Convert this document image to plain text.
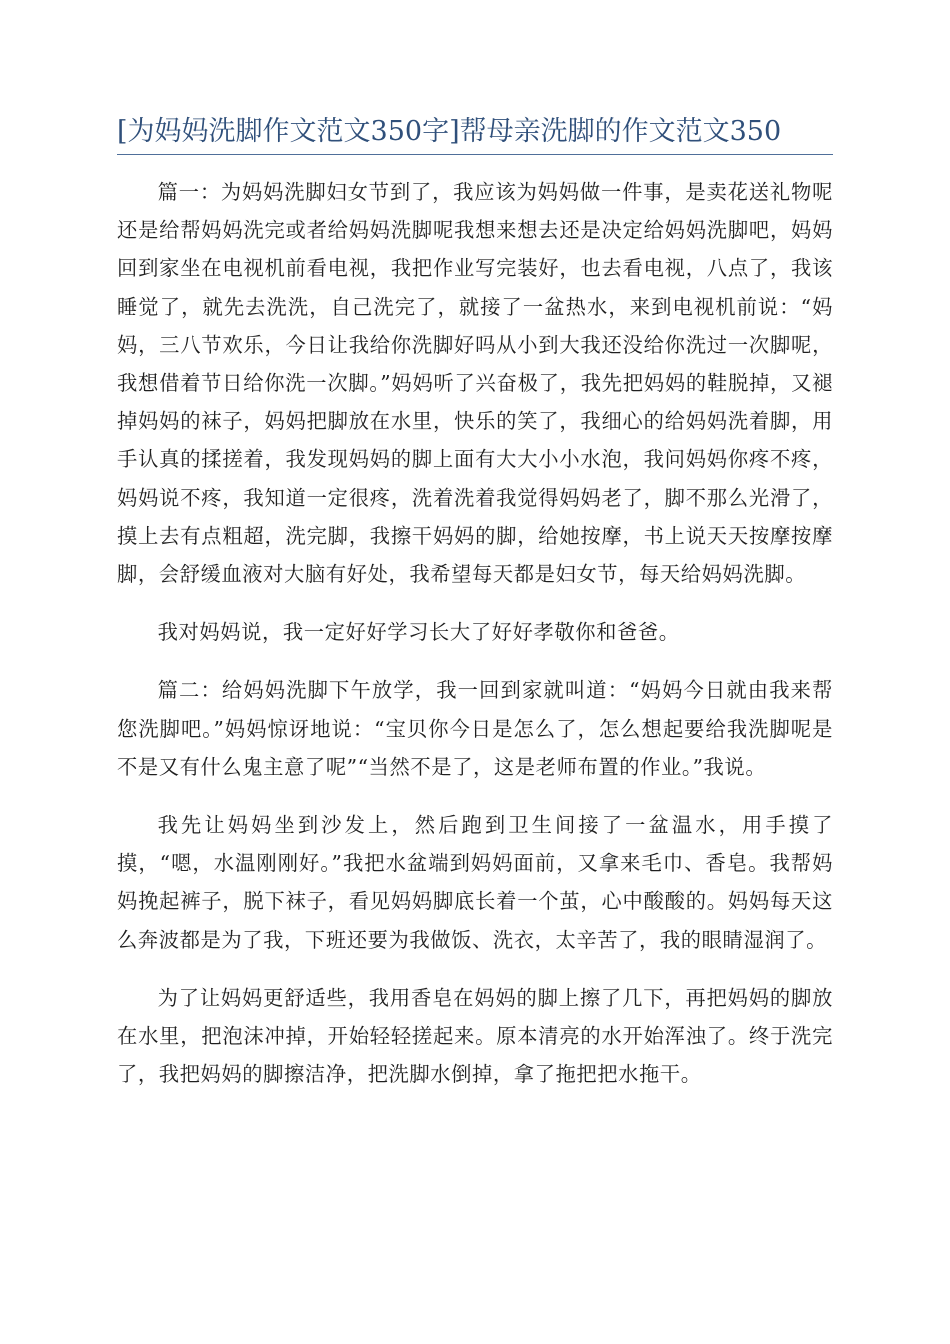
[为妈妈洗脚作文范文350字]帮母亲洗脚的作文范文350

篇一：为妈妈洗脚妇女节到了，我应该为妈妈做一件事，是卖花送礼物呢还是给帮妈妈洗完或者给妈妈洗脚呢我想来想去还是决定给妈妈洗脚吧，妈妈回到家坐在电视机前看电视，我把作业写完装好，也去看电视，八点了，我该睡觉了，就先去洗洗，自己洗完了，就接了一盆热水，来到电视机前说：“妈妈，三八节欢乐，今日让我给你洗脚好吗从小到大我还没给你洗过一次脚呢，我想借着节日给你洗一次脚。”妈妈听了兴奋极了，我先把妈妈的鞋脱掉，又褪掉妈妈的袜子，妈妈把脚放在水里，快乐的笑了，我细心的给妈妈洗着脚，用手认真的揉搓着，我发现妈妈的脚上面有大大小小水泡，我问妈妈你疼不疼，妈妈说不疼，我知道一定很疼，洗着洗着我觉得妈妈老了，脚不那么光滑了，摸上去有点粗超，洗完脚，我擦干妈妈的脚，给她按摩，书上说天天按摩按摩脚，会舒缓血液对大脑有好处，我希望每天都是妇女节，每天给妈妈洗脚。

我对妈妈说，我一定好好学习长大了好好孝敬你和爸爸。

篇二：给妈妈洗脚下午放学，我一回到家就叫道：“妈妈今日就由我来帮您洗脚吧。”妈妈惊讶地说：“宝贝你今日是怎么了，怎么想起要给我洗脚呢是不是又有什么鬼主意了呢”“当然不是了，这是老师布置的作业。”我说。

我先让妈妈坐到沙发上，然后跑到卫生间接了一盆温水，用手摸了摸，“嗯，水温刚刚好。”我把水盆端到妈妈面前，又拿来毛巾、香皂。我帮妈妈挽起裤子，脱下袜子，看见妈妈脚底长着一个茧，心中酸酸的。妈妈每天这么奔波都是为了我，下班还要为我做饭、洗衣，太辛苦了，我的眼睛湿润了。

为了让妈妈更舒适些，我用香皂在妈妈的脚上擦了几下，再把妈妈的脚放在水里，把泡沫冲掉，开始轻轻搓起来。原本清亮的水开始浑浊了。终于洗完了，我把妈妈的脚擦洁净，把洗脚水倒掉，拿了拖把把水拖干。
